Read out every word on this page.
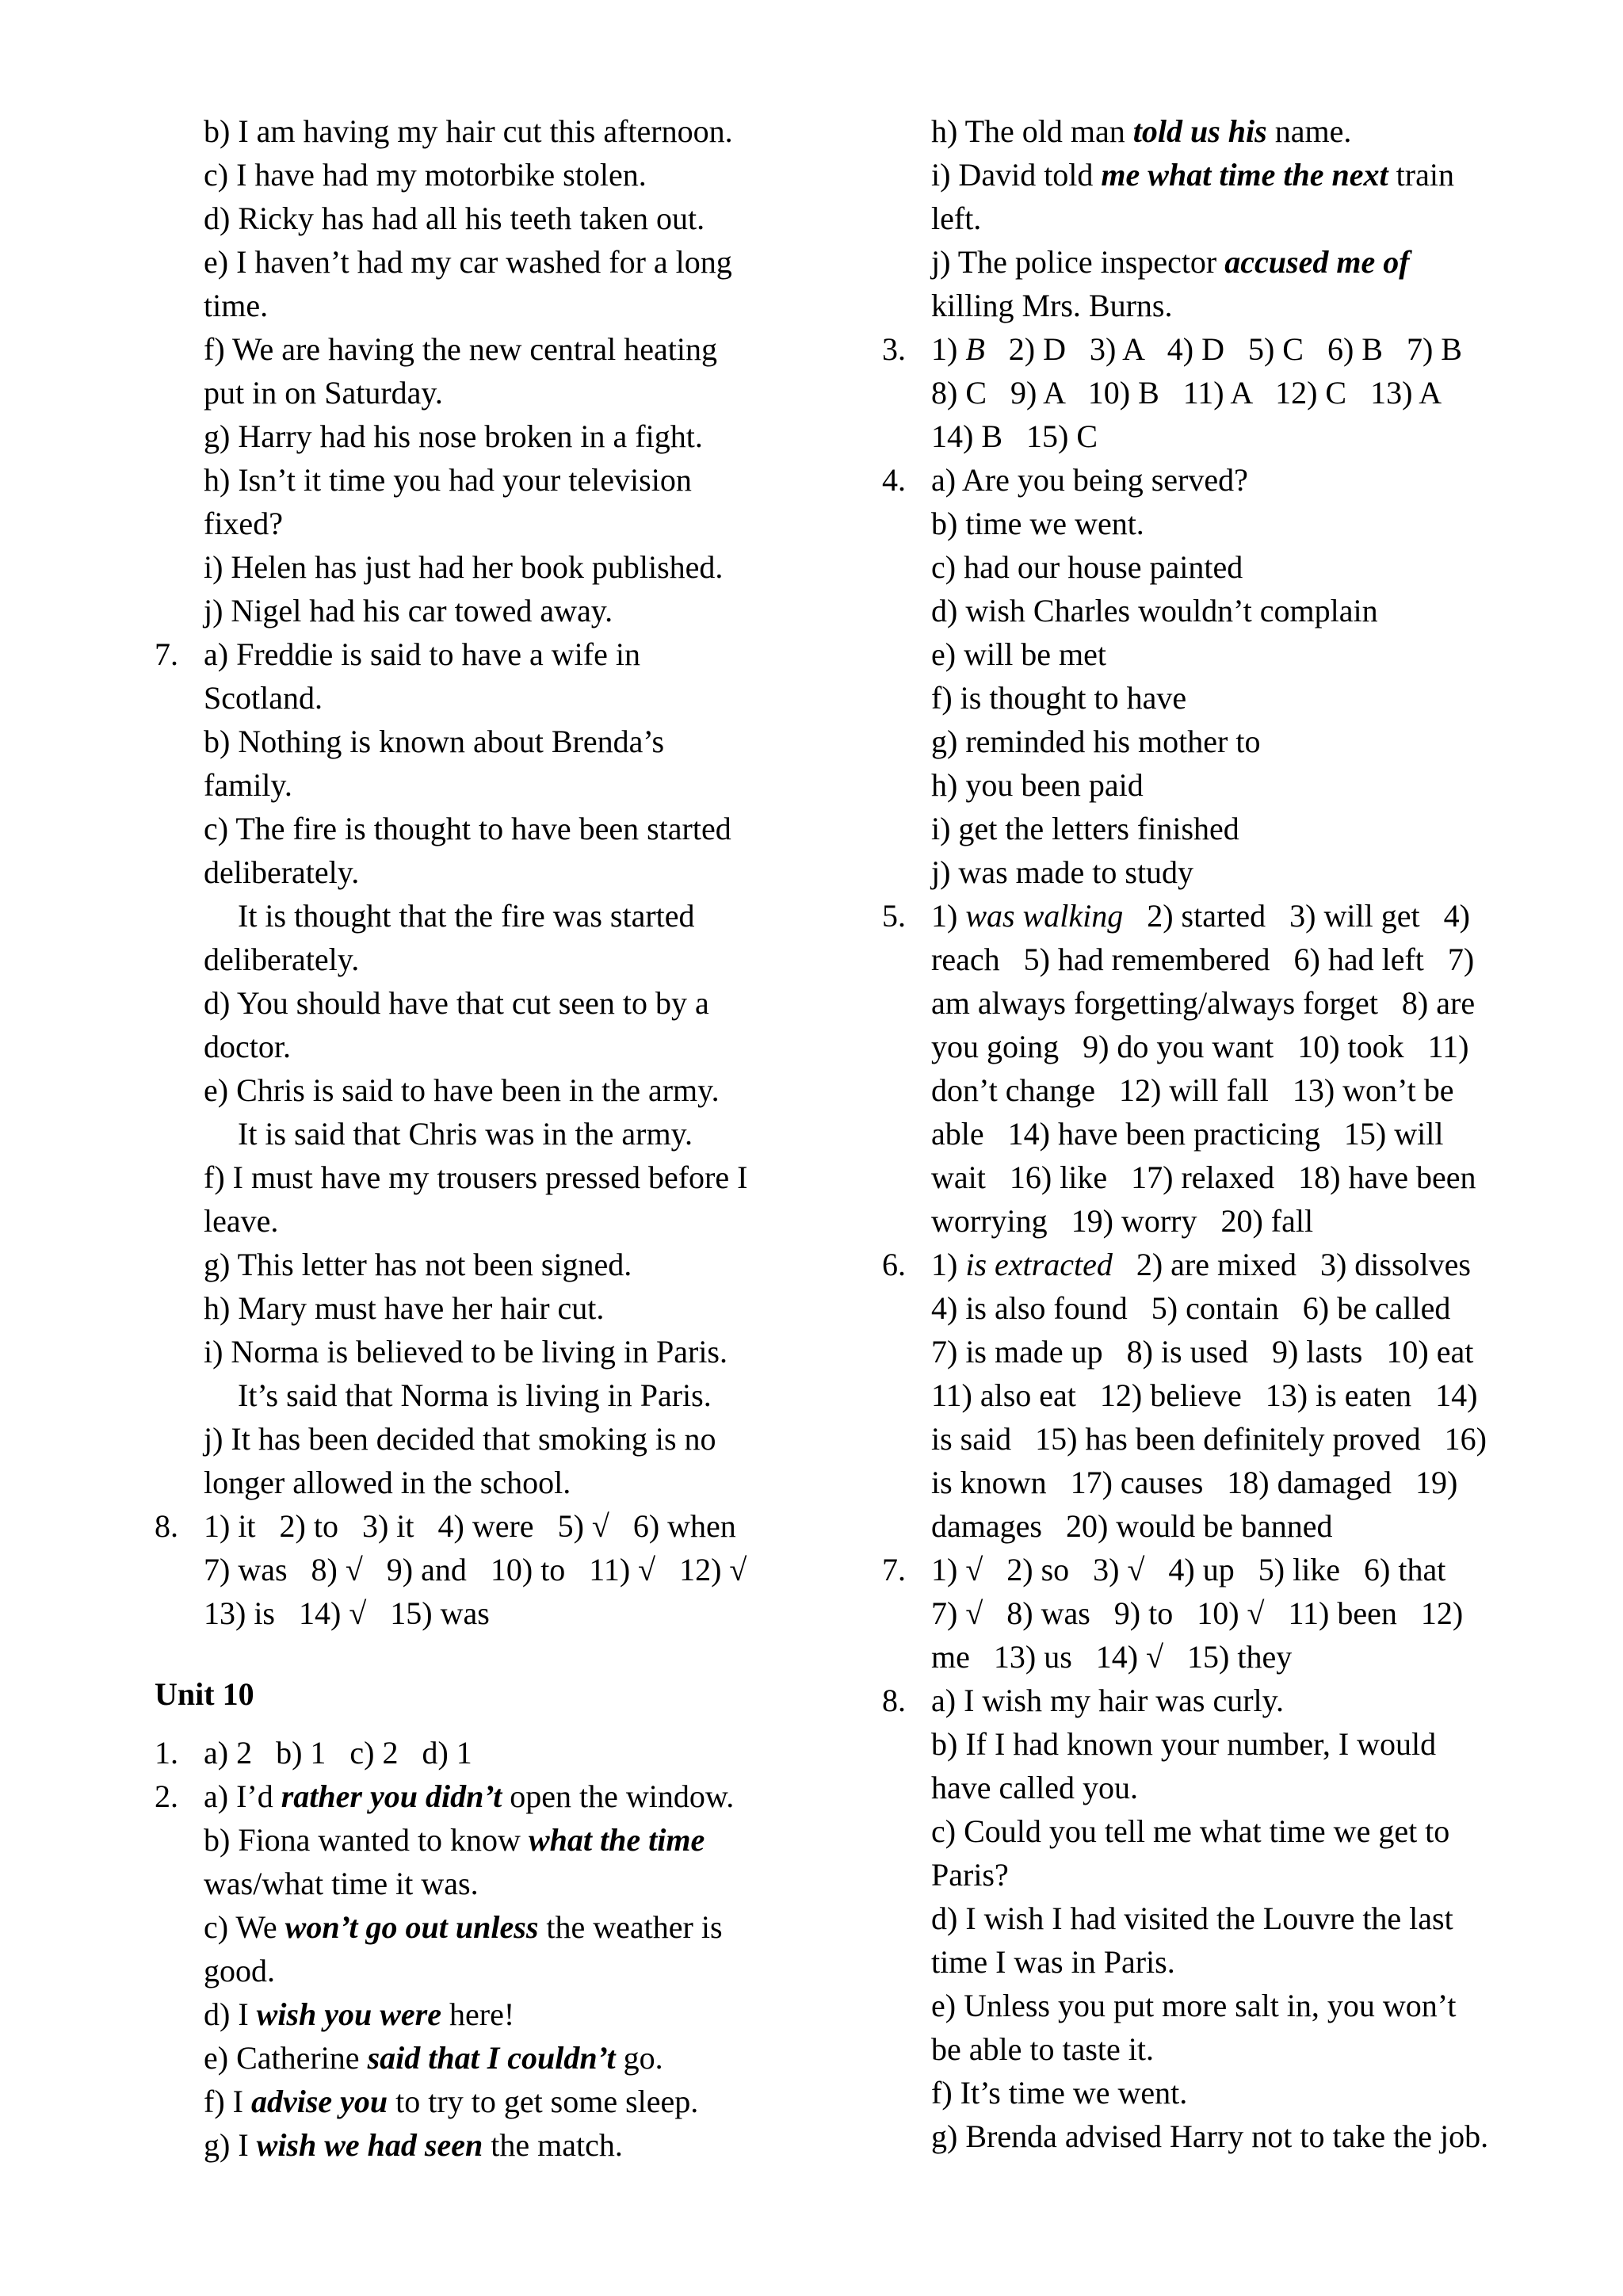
b) I am having my hair cut this afternoon.
c) I have had my motorbike stolen.
d) Ricky has had all his teeth taken out.
e) I haven’t had my car washed for a long
time.
f) We are having the new central heating
put in on Saturday.
g) Harry had his nose broken in a fight.
h) Isn’t it time you had your television
fixed?
i) Helen has just had her book published.
j) Nigel had his car towed away.
7. a) Freddie is said to have a wife in
Scotland.
b) Nothing is known about Brenda’s
family.
c) The fire is thought to have been started
deliberately.
It is thought that the fire was started
deliberately.
d) You should have that cut seen to by a
doctor.
e) Chris is said to have been in the army.
It is said that Chris was in the army.
f) I must have my trousers pressed before I
leave.
g) This letter has not been signed.
h) Mary must have her hair cut.
i) Norma is believed to be living in Paris.
It’s said that Norma is living in Paris.
j) It has been decided that smoking is no
longer allowed in the school.
8. 1) it   2) to   3) it   4) were   5) √   6) when
7) was   8) √   9) and   10) to   11) √   12) √
13) is   14) √   15) was
Unit 10
1. a) 2   b) 1   c) 2   d) 1
2. a) I’d rather you didn’t open the window.
b) Fiona wanted to know what the time
was/what time it was.
c) We won’t go out unless the weather is
good.
d) I wish you were here!
e) Catherine said that I couldn’t go.
f) I advise you to try to get some sleep.
g) I wish we had seen the match.
h) The old man told us his name.
i) David told me what time the next train
left.
j) The police inspector accused me of
killing Mrs. Burns.
3. 1) B   2) D   3) A   4) D   5) C   6) B   7) B
8) C   9) A   10) B   11) A   12) C   13) A
14) B   15) C
4. a) Are you being served?
b) time we went.
c) had our house painted
d) wish Charles wouldn’t complain
e) will be met
f) is thought to have
g) reminded his mother to
h) you been paid
i) get the letters finished
j) was made to study
5. 1) was walking   2) started   3) will get   4)
reach   5) had remembered   6) had left   7)
am always forgetting/always forget   8) are
you going   9) do you want   10) took   11)
don’t change   12) will fall   13) won’t be
able   14) have been practicing   15) will
wait   16) like   17) relaxed   18) have been
worrying   19) worry   20) fall
6. 1) is extracted   2) are mixed   3) dissolves
4) is also found   5) contain   6) be called
7) is made up   8) is used   9) lasts   10) eat
11) also eat   12) believe   13) is eaten   14)
is said   15) has been definitely proved   16)
is known   17) causes   18) damaged   19)
damages   20) would be banned
7. 1) √   2) so   3) √   4) up   5) like   6) that
7) √   8) was   9) to   10) √   11) been   12)
me   13) us   14) √   15) they
8. a) I wish my hair was curly.
b) If I had known your number, I would
have called you.
c) Could you tell me what time we get to
Paris?
d) I wish I had visited the Louvre the last
time I was in Paris.
e) Unless you put more salt in, you won’t
be able to taste it.
f) It’s time we went.
g) Brenda advised Harry not to take the job.
